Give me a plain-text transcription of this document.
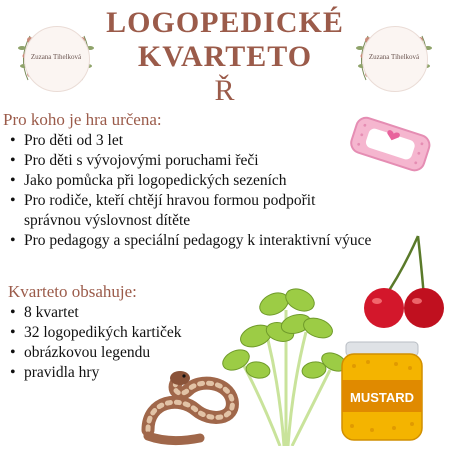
LOGOPEDICKÉ
KVARTETO
Ř
Zuzana Tihelková	Zuzana Tihelková
Pro koho je hra určena:
• Pro děti od 3 let
• Pro děti s vývojovými poruchami řeči
• Jako pomůcka při logopedických sezeních
• Pro rodiče, kteří chtějí hravou formou podpořit správnou výslovnost dítěte
• Pro pedagogy a speciální pedagogy k interaktivní výuce
Kvarteto obsahuje:
• 8 kvartet
• 32 logopedikých kartiček
• obrázkovou legendu
• pravidla hry
MUSTARD
